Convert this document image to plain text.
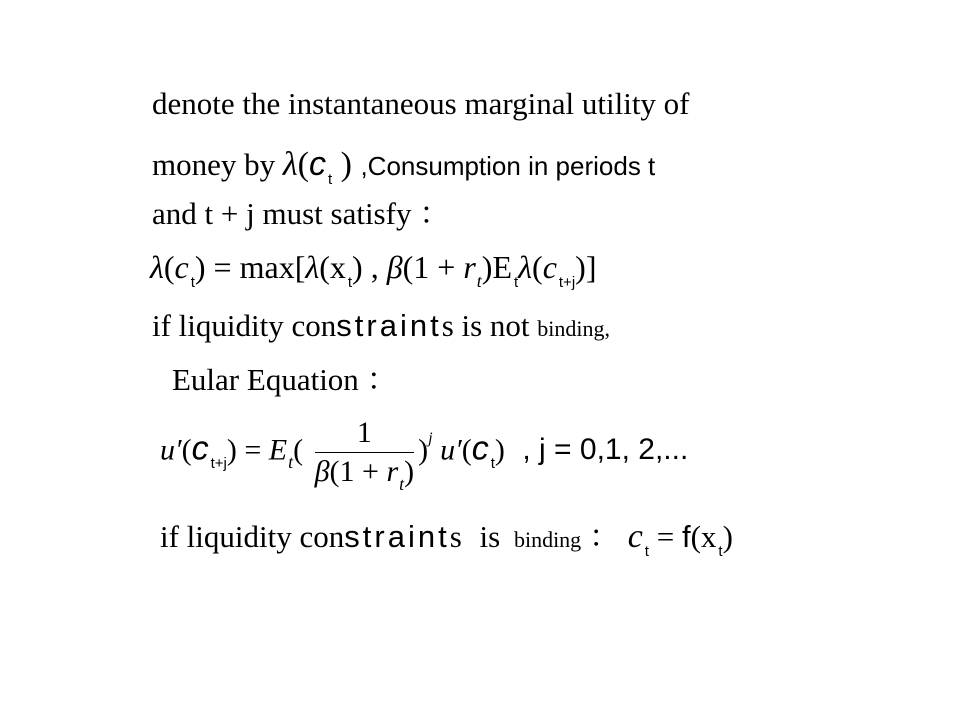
denote the instantaneous marginal utility of
money by λ(c $_t$ ) ,Consumption in periods t
and t + j must satisfy ：
λ(c $_t$) = max[λ(x $_t$) , $\beta(1 + r_t)E$ $_t$λ(c $_{t+j}$)]
if liquidity constraints is not binding,
Eular Equation ：
u′(c $_{t+j}) = E_t( \frac{1}{\beta(1 + r_t)} )^j$ u′(c $_t$) , j = 0,1, 2,...
if liquidity constraints is binding ： c $_t$ = f(x $_t$)
